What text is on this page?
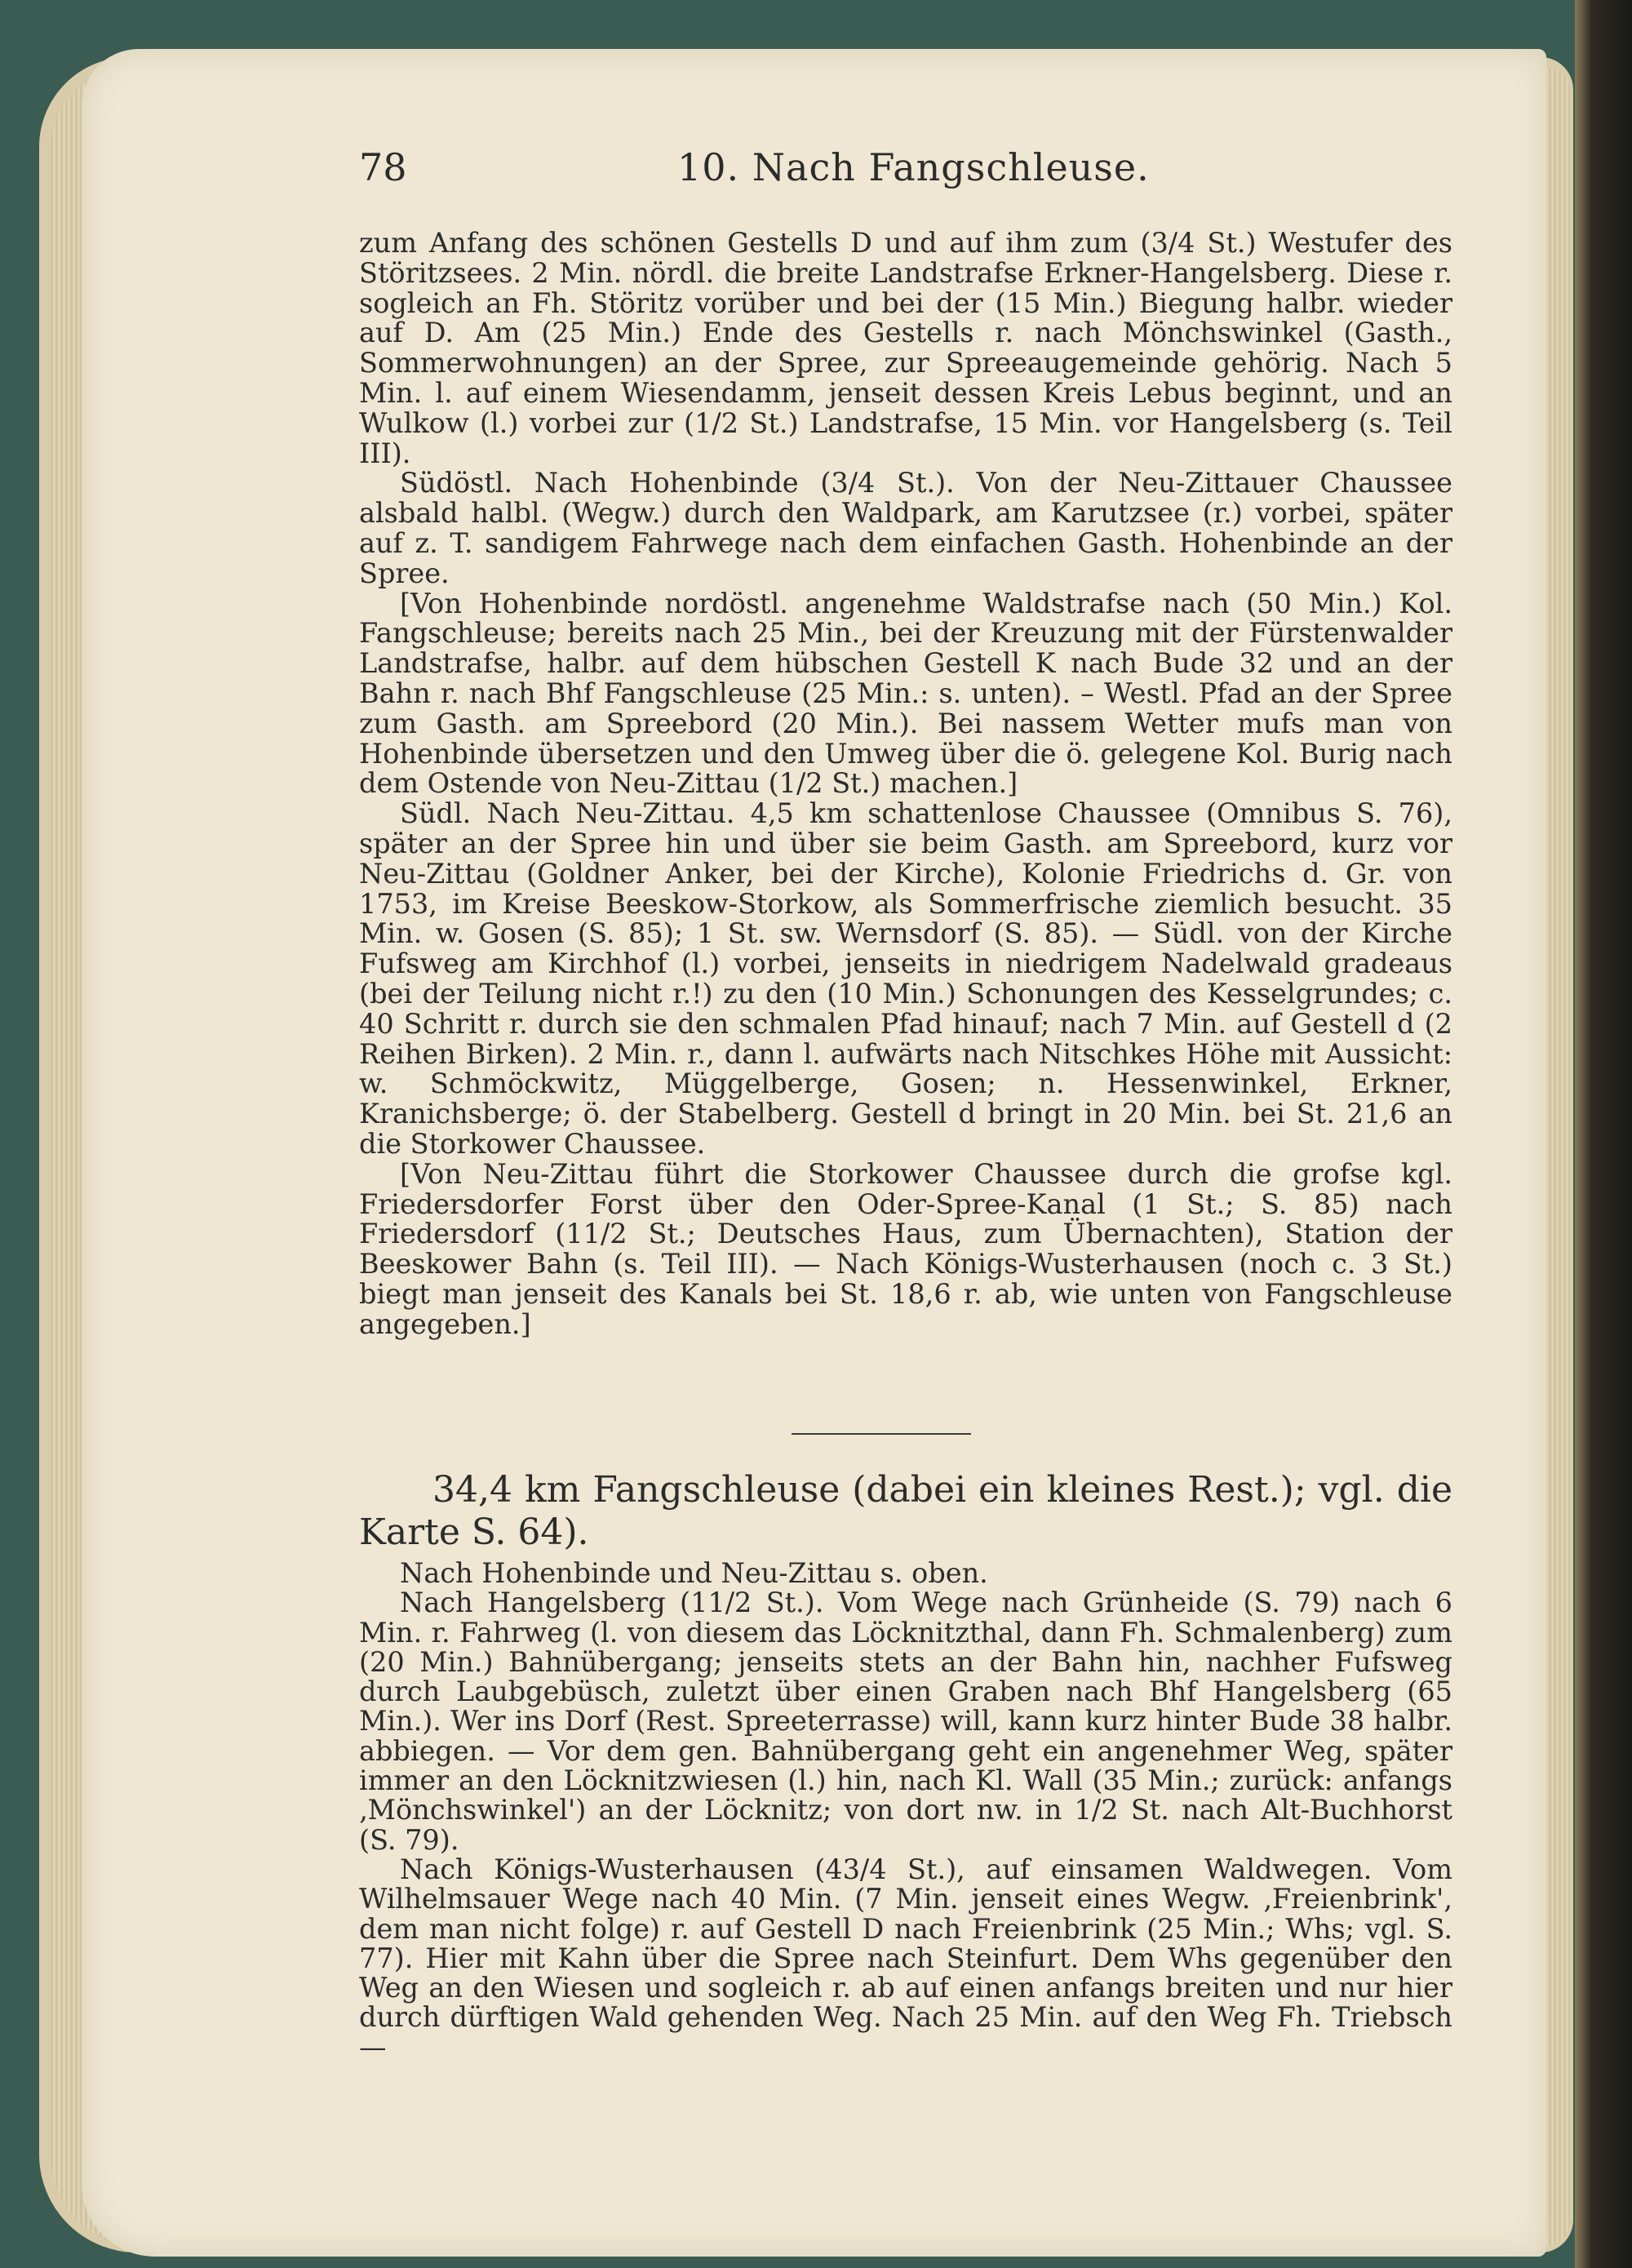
78	10. Nach Fangschleuse.

zum Anfang des schönen Gestells D und auf ihm zum (3/4 St.) Westufer des Störitzsees. 2 Min. nördl. die breite Landstrafse Erkner-Hangelsberg. Diese r. sogleich an Fh. Störitz vorüber und bei der (15 Min.) Biegung halbr. wieder auf D. Am (25 Min.) Ende des Gestells r. nach Mönchswinkel (Gasth., Sommerwohnungen) an der Spree, zur Spreeaugemeinde gehörig. Nach 5 Min. l. auf einem Wiesendamm, jenseit dessen Kreis Lebus beginnt, und an Wulkow (l.) vorbei zur (1/2 St.) Landstrafse, 15 Min. vor Hangelsberg (s. Teil III).

Südöstl. Nach Hohenbinde (3/4 St.). Von der Neu-Zittauer Chaussee alsbald halbl. (Wegw.) durch den Waldpark, am Karutzsee (r.) vorbei, später auf z. T. sandigem Fahrwege nach dem einfachen Gasth. Hohenbinde an der Spree.

[Von Hohenbinde nordöstl. angenehme Waldstrafse nach (50 Min.) Kol. Fangschleuse; bereits nach 25 Min., bei der Kreuzung mit der Fürstenwalder Landstrafse, halbr. auf dem hübschen Gestell K nach Bude 32 und an der Bahn r. nach Bhf Fangschleuse (25 Min.: s. unten). – Westl. Pfad an der Spree zum Gasth. am Spreebord (20 Min.). Bei nassem Wetter mufs man von Hohenbinde übersetzen und den Umweg über die ö. gelegene Kol. Burig nach dem Ostende von Neu-Zittau (1/2 St.) machen.]

Südl. Nach Neu-Zittau. 4,5 km schattenlose Chaussee (Omnibus S. 76), später an der Spree hin und über sie beim Gasth. am Spreebord, kurz vor Neu-Zittau (Goldner Anker, bei der Kirche), Kolonie Friedrichs d. Gr. von 1753, im Kreise Beeskow-Storkow, als Sommerfrische ziemlich besucht. 35 Min. w. Gosen (S. 85); 1 St. sw. Wernsdorf (S. 85). — Südl. von der Kirche Fufsweg am Kirchhof (l.) vorbei, jenseits in niedrigem Nadelwald gradeaus (bei der Teilung nicht r.!) zu den (10 Min.) Schonungen des Kesselgrundes; c. 40 Schritt r. durch sie den schmalen Pfad hinauf; nach 7 Min. auf Gestell d (2 Reihen Birken). 2 Min. r., dann l. aufwärts nach Nitschkes Höhe mit Aussicht: w. Schmöckwitz, Müggelberge, Gosen; n. Hessenwinkel, Erkner, Kranichsberge; ö. der Stabelberg. Gestell d bringt in 20 Min. bei St. 21,6 an die Storkower Chaussee.

[Von Neu-Zittau führt die Storkower Chaussee durch die grofse kgl. Friedersdorfer Forst über den Oder-Spree-Kanal (1 St.; S. 85) nach Friedersdorf (11/2 St.; Deutsches Haus, zum Übernachten), Station der Beeskower Bahn (s. Teil III). — Nach Königs-Wusterhausen (noch c. 3 St.) biegt man jenseit des Kanals bei St. 18,6 r. ab, wie unten von Fangschleuse angegeben.]

34,4 km Fangschleuse (dabei ein kleines Rest.); vgl. die Karte S. 64).

Nach Hohenbinde und Neu-Zittau s. oben.

Nach Hangelsberg (11/2 St.). Vom Wege nach Grünheide (S. 79) nach 6 Min. r. Fahrweg (l. von diesem das Löcknitzthal, dann Fh. Schmalenberg) zum (20 Min.) Bahnübergang; jenseits stets an der Bahn hin, nachher Fufsweg durch Laubgebüsch, zuletzt über einen Graben nach Bhf Hangelsberg (65 Min.). Wer ins Dorf (Rest. Spreeterrasse) will, kann kurz hinter Bude 38 halbr. abbiegen. — Vor dem gen. Bahnübergang geht ein angenehmer Weg, später immer an den Löcknitzwiesen (l.) hin, nach Kl. Wall (35 Min.; zurück: anfangs ‚Mönchswinkel') an der Löcknitz; von dort nw. in 1/2 St. nach Alt-Buchhorst (S. 79).

Nach Königs-Wusterhausen (43/4 St.), auf einsamen Waldwegen. Vom Wilhelmsauer Wege nach 40 Min. (7 Min. jenseit eines Wegw. ‚Freienbrink', dem man nicht folge) r. auf Gestell D nach Freienbrink (25 Min.; Whs; vgl. S. 77). Hier mit Kahn über die Spree nach Steinfurt. Dem Whs gegenüber den Weg an den Wiesen und sogleich r. ab auf einen anfangs breiten und nur hier durch dürftigen Wald gehenden Weg. Nach 25 Min. auf den Weg Fh. Triebsch —
